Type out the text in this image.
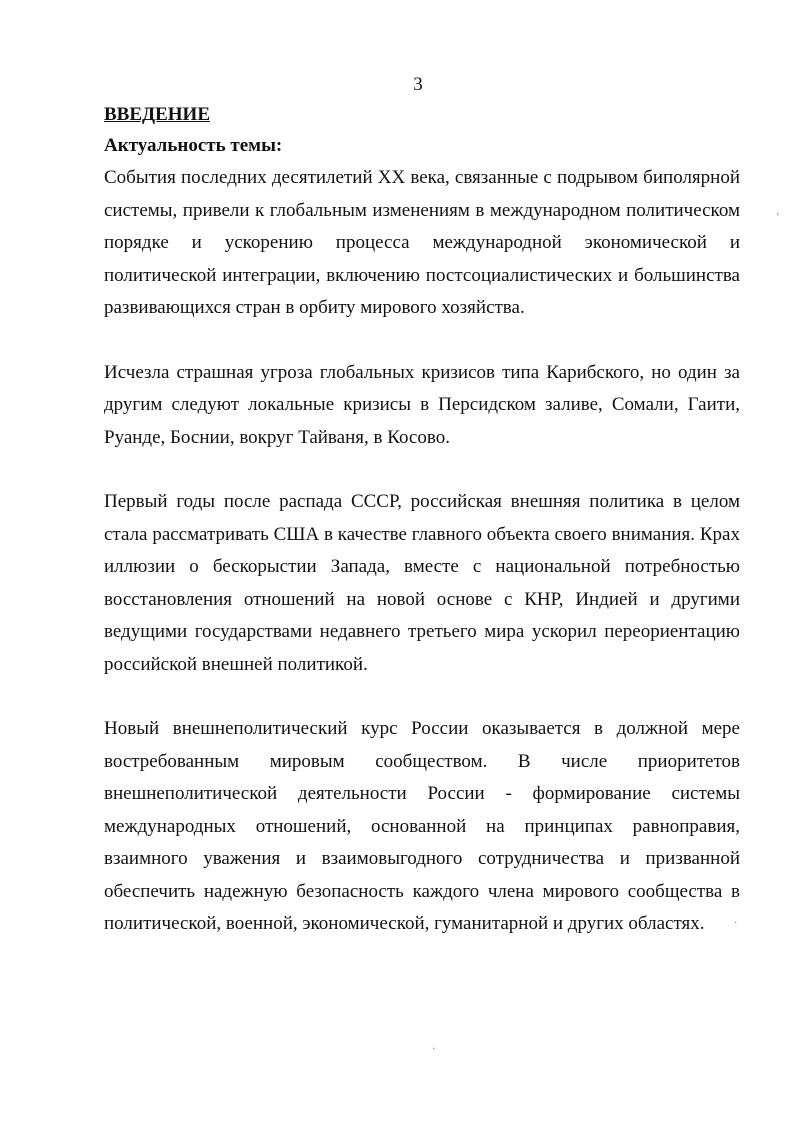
3

ВВЕДЕНИЕ

Актуальность темы:

События последних десятилетий XX века, связанные с подрывом биполярной системы, привели к глобальным изменениям в международном политическом порядке и ускорению процесса международной экономической и политической интеграции, включению постсоциалистических и большинства развивающихся стран в орбиту мирового хозяйства.

Исчезла страшная угроза глобальных кризисов типа Карибского, но один за другим следуют локальные кризисы в Персидском заливе, Сомали, Гаити, Руанде, Боснии, вокруг Тайваня, в Косово.

Первый годы после распада СССР, российская внешняя политика в целом стала рассматривать США в качестве главного объекта своего внимания. Крах иллюзии о бескорыстии Запада, вместе с национальной потребностью восстановления отношений на новой основе с КНР, Индией и другими ведущими государствами недавнего третьего мира ускорил переориентацию российской внешней политикой.

Новый внешнеполитический курс России оказывается в должной мере востребованным мировым сообществом. В числе приоритетов внешнеполитической деятельности России - формирование системы международных отношений, основанной на принципах равноправия, взаимного уважения и взаимовыгодного сотрудничества и призванной обеспечить надежную безопасность каждого члена мирового сообщества в политической, военной, экономической, гуманитарной и других областях.

‚
·
·
